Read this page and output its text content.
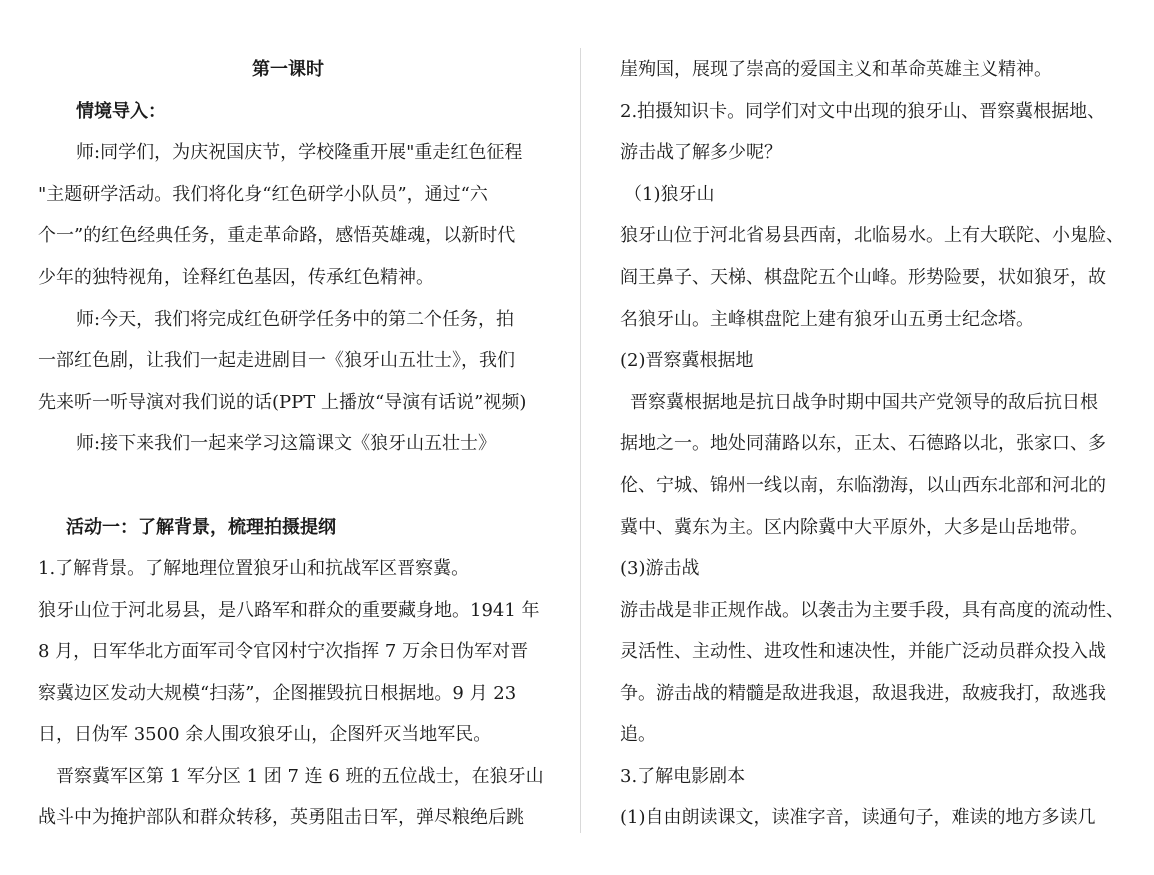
第一课时
情境导入：
师:同学们，为庆祝国庆节，学校隆重开展"重走红色征程
"主题研学活动。我们将化身“红色研学小队员”，通过“六
个一”的红色经典任务，重走革命路，感悟英雄魂，以新时代
少年的独特视角，诠释红色基因，传承红色精神。
师:今天，我们将完成红色研学任务中的第二个任务，拍
一部红色剧，让我们一起走进剧目一《狼牙山五壮士》，我们
先来听一听导演对我们说的话(PPT 上播放“导演有话说”视频)
师:接下来我们一起来学习这篇课文《狼牙山五壮士》
活动一：了解背景，梳理拍摄提纲
1.了解背景。了解地理位置狼牙山和抗战军区晋察冀。
狼牙山位于河北易县，是八路军和群众的重要藏身地。1941 年
8 月，日军华北方面军司令官冈村宁次指挥 7 万余日伪军对晋
察冀边区发动大规模“扫荡”，企图摧毁抗日根据地。9 月 23
日，日伪军 3500 余人围攻狼牙山，企图歼灭当地军民。
晋察冀军区第 1 军分区 1 团 7 连 6 班的五位战士，在狼牙山
战斗中为掩护部队和群众转移，英勇阻击日军，弹尽粮绝后跳
崖殉国，展现了崇高的爱国主义和革命英雄主义精神。
2.拍摄知识卡。同学们对文中出现的狼牙山、晋察冀根据地、
游击战了解多少呢？
（1)狼牙山
狼牙山位于河北省易县西南，北临易水。上有大联陀、小鬼脸、
阎王鼻子、天梯、棋盘陀五个山峰。形势险要，状如狼牙，故
名狼牙山。主峰棋盘陀上建有狼牙山五勇士纪念塔。
(2)晋察冀根据地
晋察冀根据地是抗日战争时期中国共产党领导的敌后抗日根
据地之一。地处同蒲路以东，正太、石德路以北，张家口、多
伦、宁城、锦州一线以南，东临渤海，以山西东北部和河北的
冀中、冀东为主。区内除冀中大平原外，大多是山岳地带。
(3)游击战
游击战是非正规作战。以袭击为主要手段，具有高度的流动性、
灵活性、主动性、进攻性和速决性，并能广泛动员群众投入战
争。游击战的精髓是敌进我退，敌退我进，敌疲我打，敌逃我
追。
3.了解电影剧本
(1)自由朗读课文，读准字音，读通句子，难读的地方多读几
